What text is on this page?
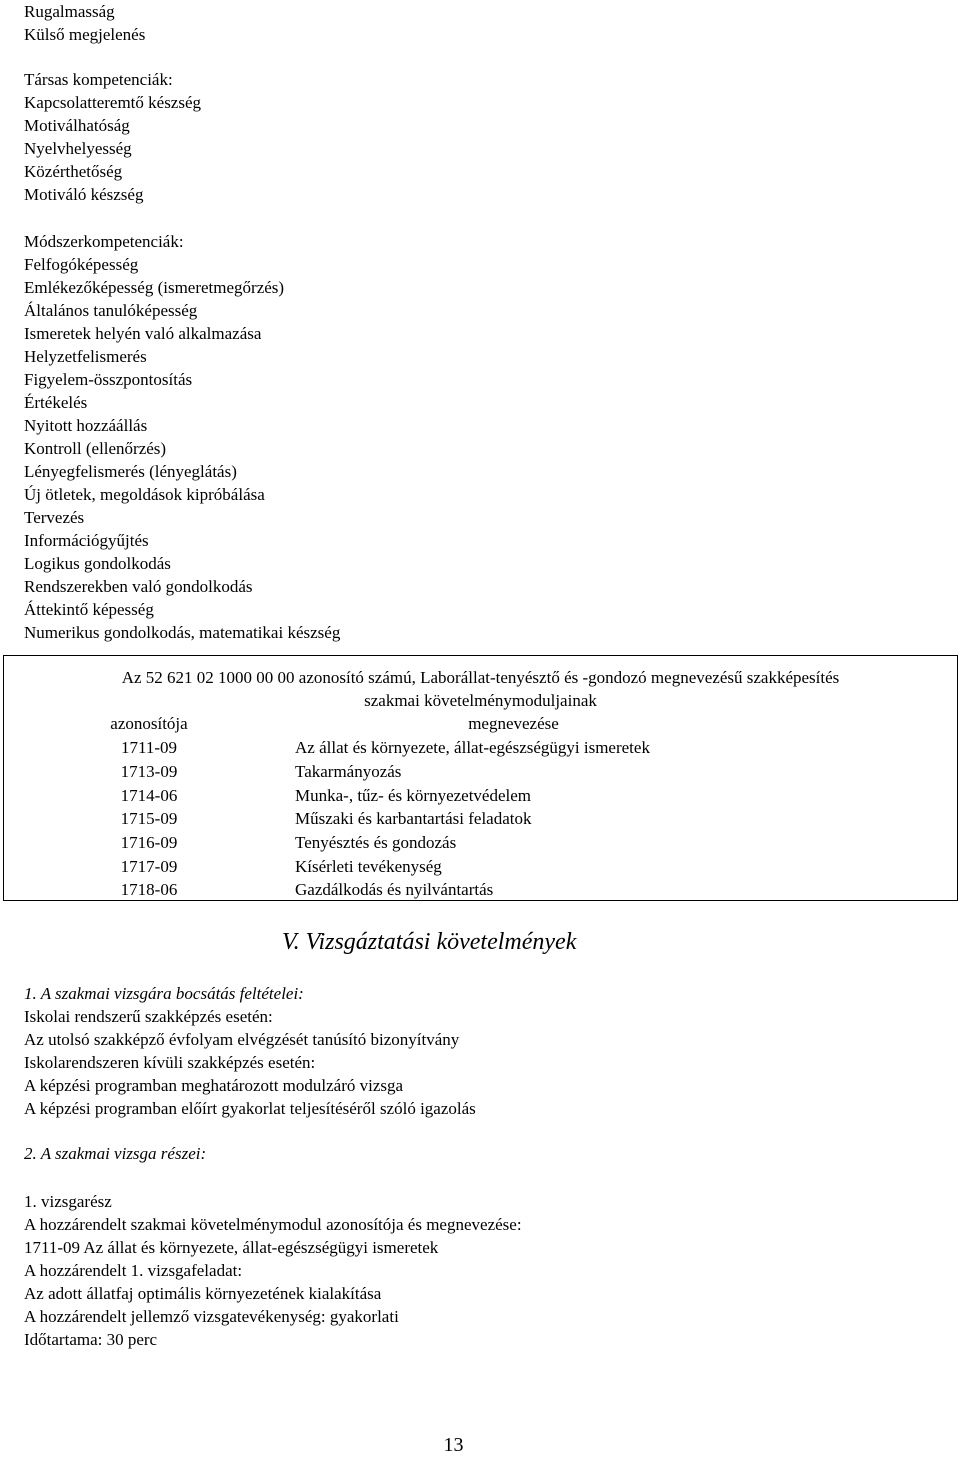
Rugalmasság
Külső megjelenés
Társas kompetenciák:
Kapcsolatteremtő készség
Motiválhatóság
Nyelvhelyesség
Közérthetőség
Motiváló készség
Módszerkompetenciák:
Felfogóképesség
Emlékezőképesség (ismeretmegőrzés)
Általános tanulóképesség
Ismeretek helyén való alkalmazása
Helyzetfelismerés
Figyelem-összpontosítás
Értékelés
Nyitott hozzáállás
Kontroll (ellenőrzés)
Lényegfelismerés (lényeglátás)
Új ötletek, megoldások kipróbálása
Tervezés
Információgyűjtés
Logikus gondolkodás
Rendszerekben való gondolkodás
Áttekintő képesség
Numerikus gondolkodás, matematikai készség
Az 52 621 02 1000 00 00 azonosító számú, Laborállat-tenyésztő és -gondozó megnevezésű szakképesítés
szakmai követelménymoduljainak
azonosítója	megnevezése
1711-09	Az állat és környezete, állat-egészségügyi ismeretek
1713-09	Takarmányozás
1714-06	Munka-, tűz- és környezetvédelem
1715-09	Műszaki és karbantartási feladatok
1716-09	Tenyésztés és gondozás
1717-09	Kísérleti tevékenység
1718-06	Gazdálkodás és nyilvántartás
V. Vizsgáztatási követelmények
1. A szakmai vizsgára bocsátás feltételei:
Iskolai rendszerű szakképzés esetén:
Az utolsó szakképző évfolyam elvégzését tanúsító bizonyítvány
Iskolarendszeren kívüli szakképzés esetén:
A képzési programban meghatározott modulzáró vizsga
A képzési programban előírt gyakorlat teljesítéséről szóló igazolás
2. A szakmai vizsga részei:
1. vizsgarész
A hozzárendelt szakmai követelménymodul azonosítója és megnevezése:
1711-09 Az állat és környezete, állat-egészségügyi ismeretek
A hozzárendelt 1. vizsgafeladat:
Az adott állatfaj optimális környezetének kialakítása
A hozzárendelt jellemző vizsgatevékenység: gyakorlati
Időtartama: 30 perc
13
